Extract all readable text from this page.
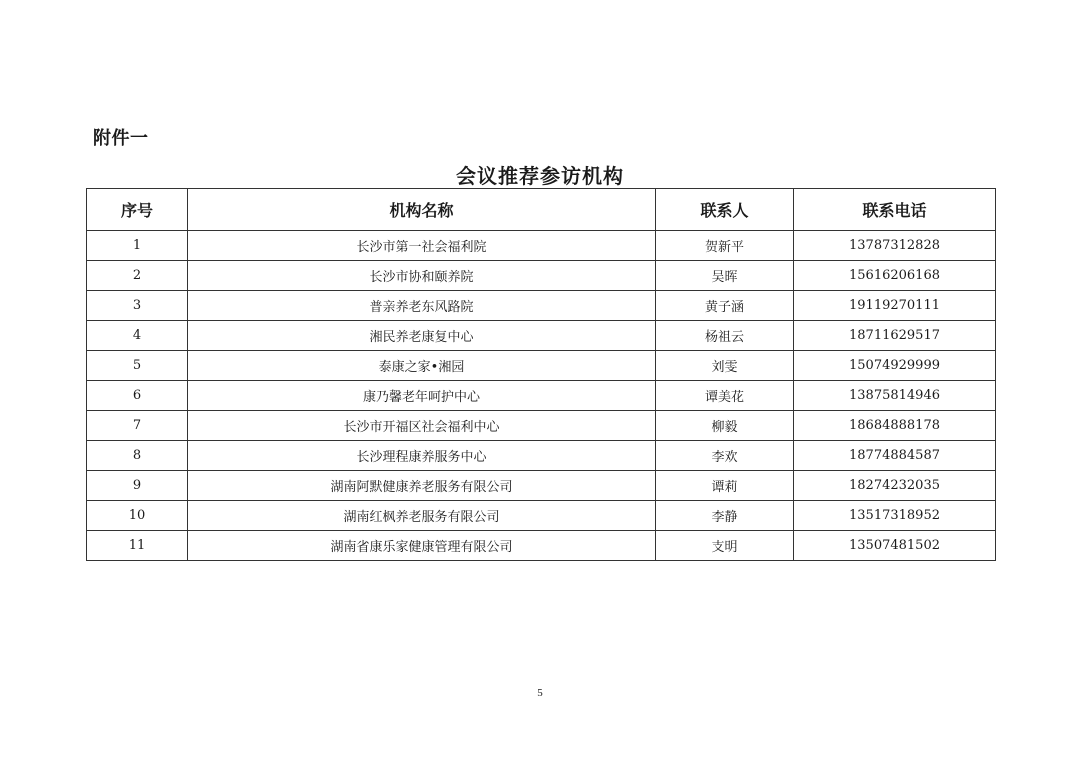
附件一
会议推荐参访机构
序号	机构名称	联系人	联系电话
1	长沙市第一社会福利院	贺新平	13787312828
2	长沙市协和颐养院	吴晖	15616206168
3	普亲养老东风路院	黄子涵	19119270111
4	湘民养老康复中心	杨祖云	18711629517
5	泰康之家•湘园	刘雯	15074929999
6	康乃馨老年呵护中心	谭美花	13875814946
7	长沙市开福区社会福利中心	柳毅	18684888178
8	长沙理程康养服务中心	李欢	18774884587
9	湖南阿默健康养老服务有限公司	谭莉	18274232035
10	湖南红枫养老服务有限公司	李静	13517318952
11	湖南省康乐家健康管理有限公司	支明	13507481502
5
